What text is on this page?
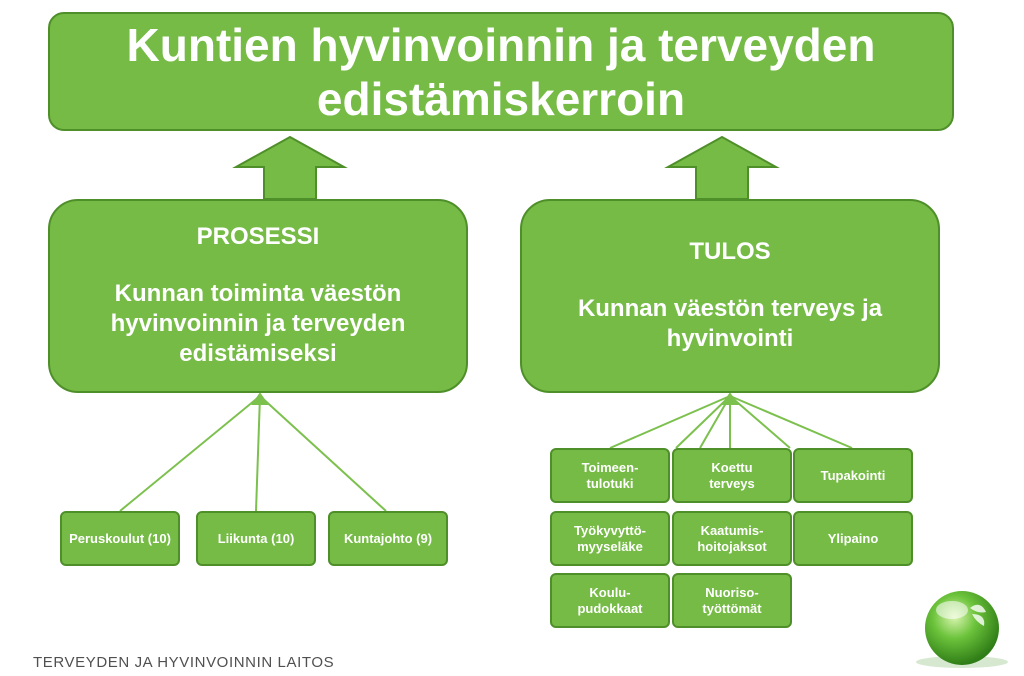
Kuntien hyvinvoinnin ja terveyden edistämiskerroin
PROSESSI
Kunnan toiminta väestön hyvinvoinnin ja terveyden edistämiseksi
TULOS
Kunnan väestön terveys ja hyvinvointi
Peruskoulut (10)	Liikunta (10)	Kuntajohto (9)
Toimeen-tulotuki
Koettu terveys
Tupakointi
Työkyvyttö-myyseläke
Kaatumis-hoitojaksot
Ylipaino
Koulu-pudokkaat
Nuoriso-työttömät
TERVEYDEN JA HYVINVOINNIN LAITOS
